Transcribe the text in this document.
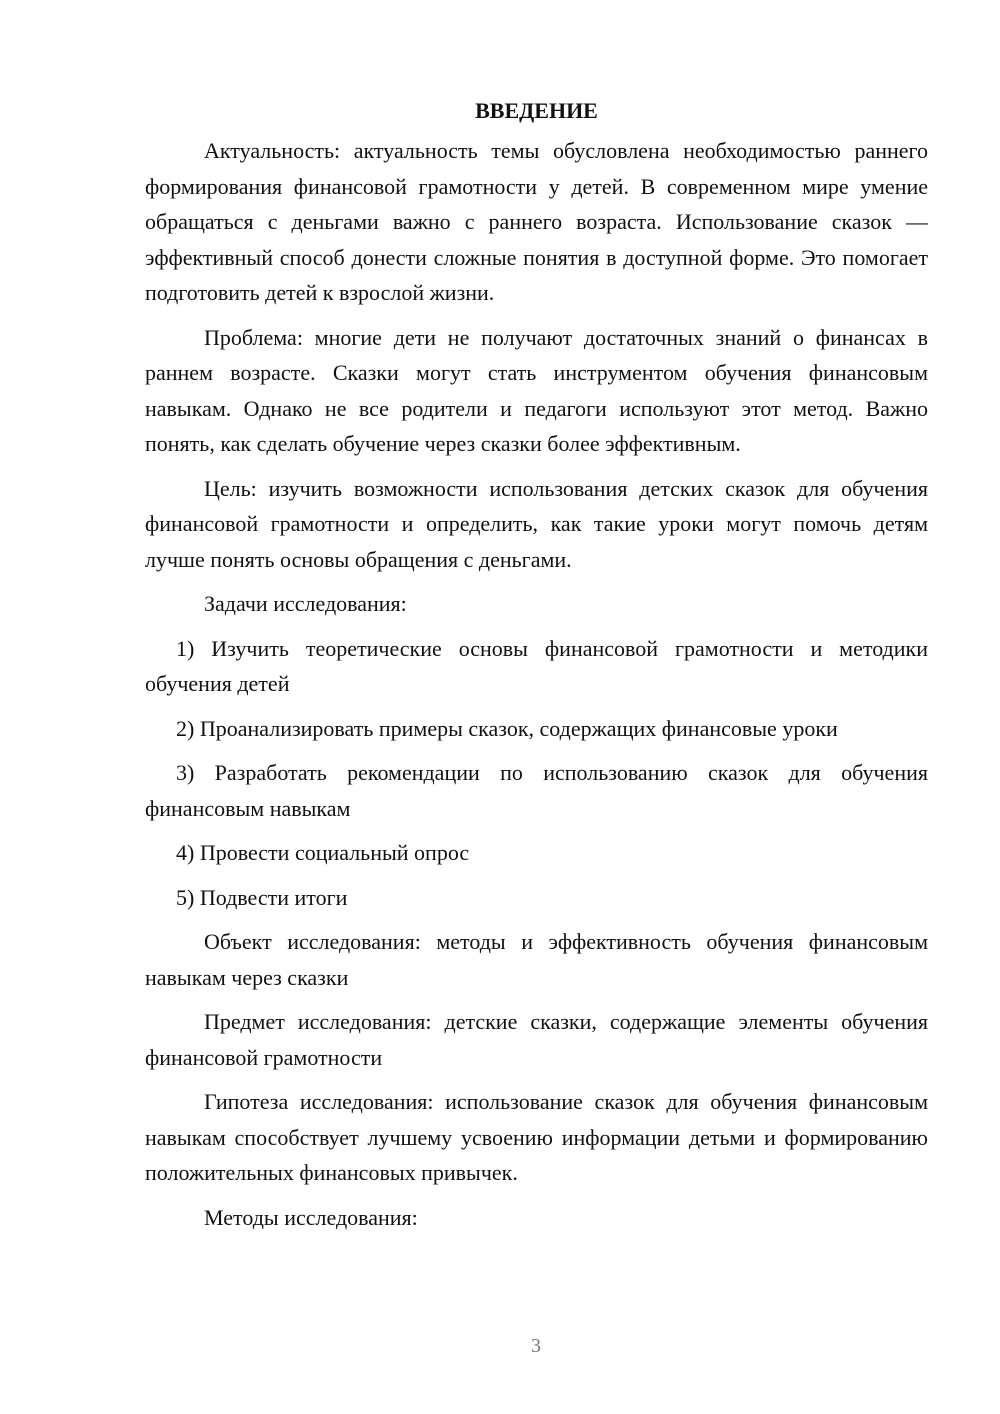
ВВЕДЕНИЕ

Актуальность: актуальность темы обусловлена необходимостью раннего формирования финансовой грамотности у детей. В современном мире умение обращаться с деньгами важно с раннего возраста. Использование сказок — эффективный способ донести сложные понятия в доступной форме. Это помогает подготовить детей к взрослой жизни.

Проблема: многие дети не получают достаточных знаний о финансах в раннем возрасте. Сказки могут стать инструментом обучения финансовым навыкам. Однако не все родители и педагоги используют этот метод. Важно понять, как сделать обучение через сказки более эффективным.

Цель: изучить возможности использования детских сказок для обучения финансовой грамотности и определить, как такие уроки могут помочь детям лучше понять основы обращения с деньгами.

Задачи исследования:

1) Изучить теоретические основы финансовой грамотности и методики обучения детей

2) Проанализировать примеры сказок, содержащих финансовые уроки

3) Разработать рекомендации по использованию сказок для обучения финансовым навыкам

4) Провести социальный опрос

5) Подвести итоги

Объект исследования: методы и эффективность обучения финансовым навыкам через сказки

Предмет исследования: детские сказки, содержащие элементы обучения финансовой грамотности

Гипотеза исследования: использование сказок для обучения финансовым навыкам способствует лучшему усвоению информации детьми и формированию положительных финансовых привычек.

Методы исследования:

3
